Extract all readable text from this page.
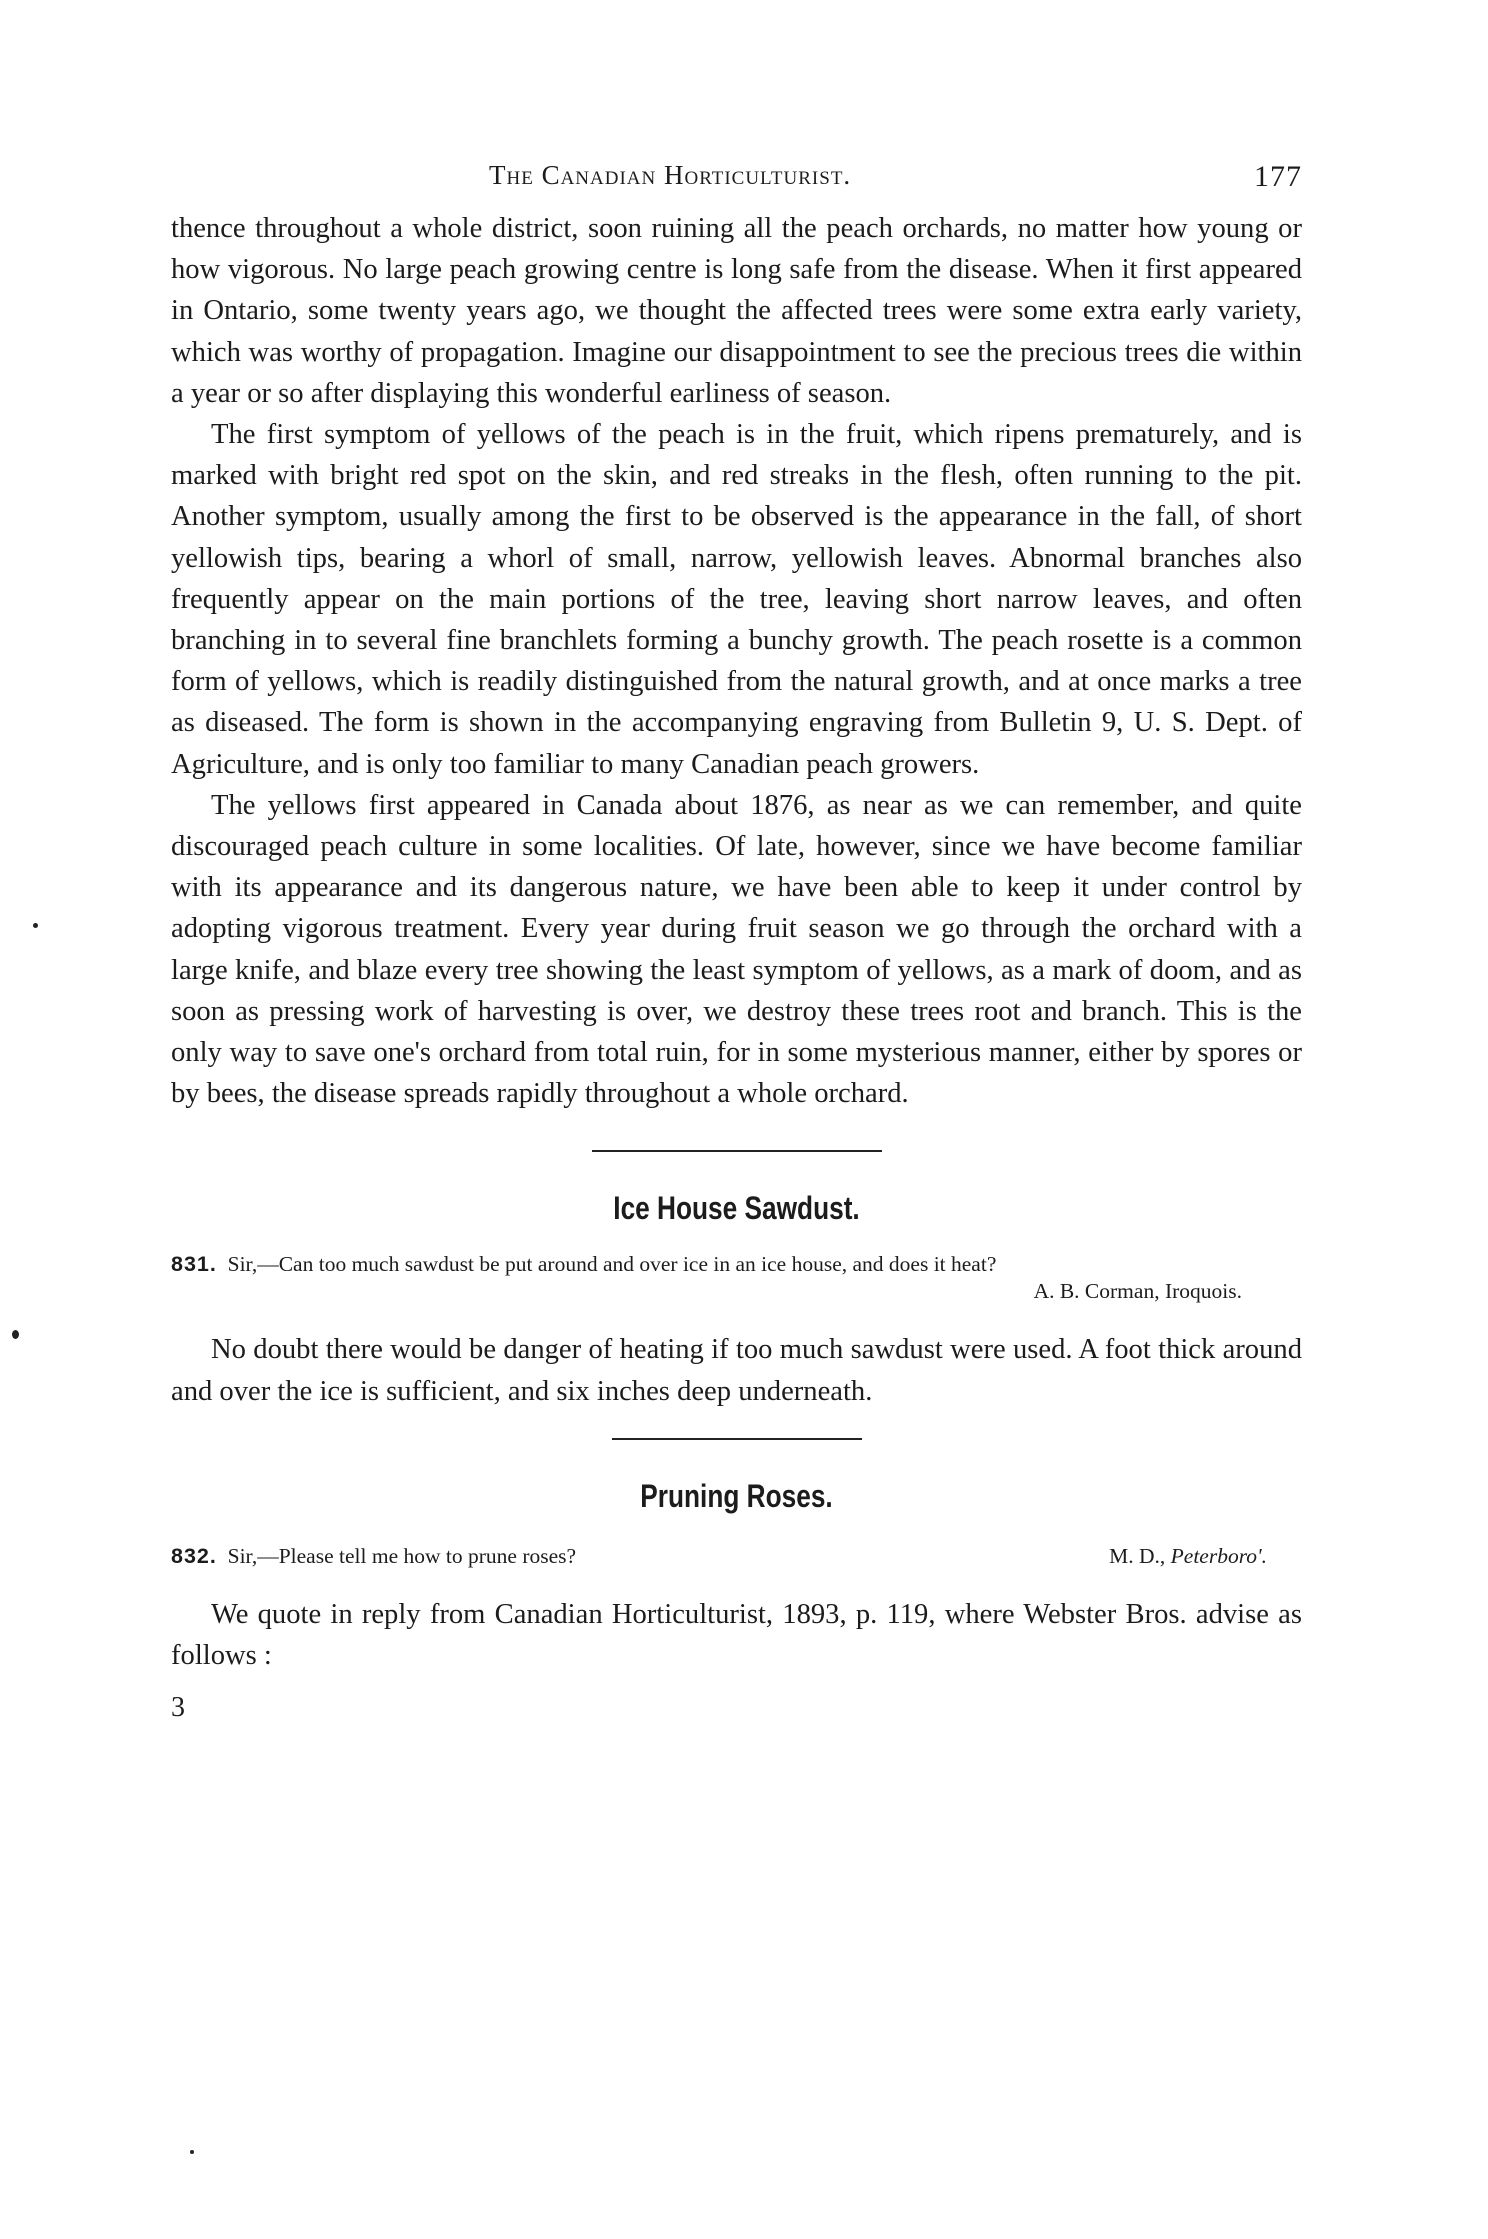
The Canadian Horticulturist.	177

thence throughout a whole district, soon ruining all the peach orchards, no matter how young or how vigorous. No large peach growing centre is long safe from the disease. When it first appeared in Ontario, some twenty years ago, we thought the affected trees were some extra early variety, which was worthy of propagation. Imagine our disappointment to see the precious trees die within a year or so after displaying this wonderful earliness of season.

The first symptom of yellows of the peach is in the fruit, which ripens prematurely, and is marked with bright red spot on the skin, and red streaks in the flesh, often running to the pit. Another symptom, usually among the first to be observed is the appearance in the fall, of short yellowish tips, bearing a whorl of small, narrow, yellowish leaves. Abnormal branches also frequently appear on the main portions of the tree, leaving short narrow leaves, and often branching in to several fine branchlets forming a bunchy growth. The peach rosette is a common form of yellows, which is readily distinguished from the natural growth, and at once marks a tree as diseased. The form is shown in the accompanying engraving from Bulletin 9, U. S. Dept. of Agriculture, and is only too familiar to many Canadian peach growers.

The yellows first appeared in Canada about 1876, as near as we can remember, and quite discouraged peach culture in some localities. Of late, however, since we have become familiar with its appearance and its dangerous nature, we have been able to keep it under control by adopting vigorous treatment. Every year during fruit season we go through the orchard with a large knife, and blaze every tree showing the least symptom of yellows, as a mark of doom, and as soon as pressing work of harvesting is over, we destroy these trees root and branch. This is the only way to save one's orchard from total ruin, for in some mysterious manner, either by spores or by bees, the disease spreads rapidly throughout a whole orchard.

Ice House Sawdust.

831. Sir,—Can too much sawdust be put around and over ice in an ice house, and does it heat?

A. B. Corman, Iroquois.

No doubt there would be danger of heating if too much sawdust were used. A foot thick around and over the ice is sufficient, and six inches deep underneath.

Pruning Roses.
832. Sir,—Please tell me how to prune roses?	M. D., Peterboro'.

We quote in reply from Canadian Horticulturist, 1893, p. 119, where Webster Bros. advise as follows :

3
